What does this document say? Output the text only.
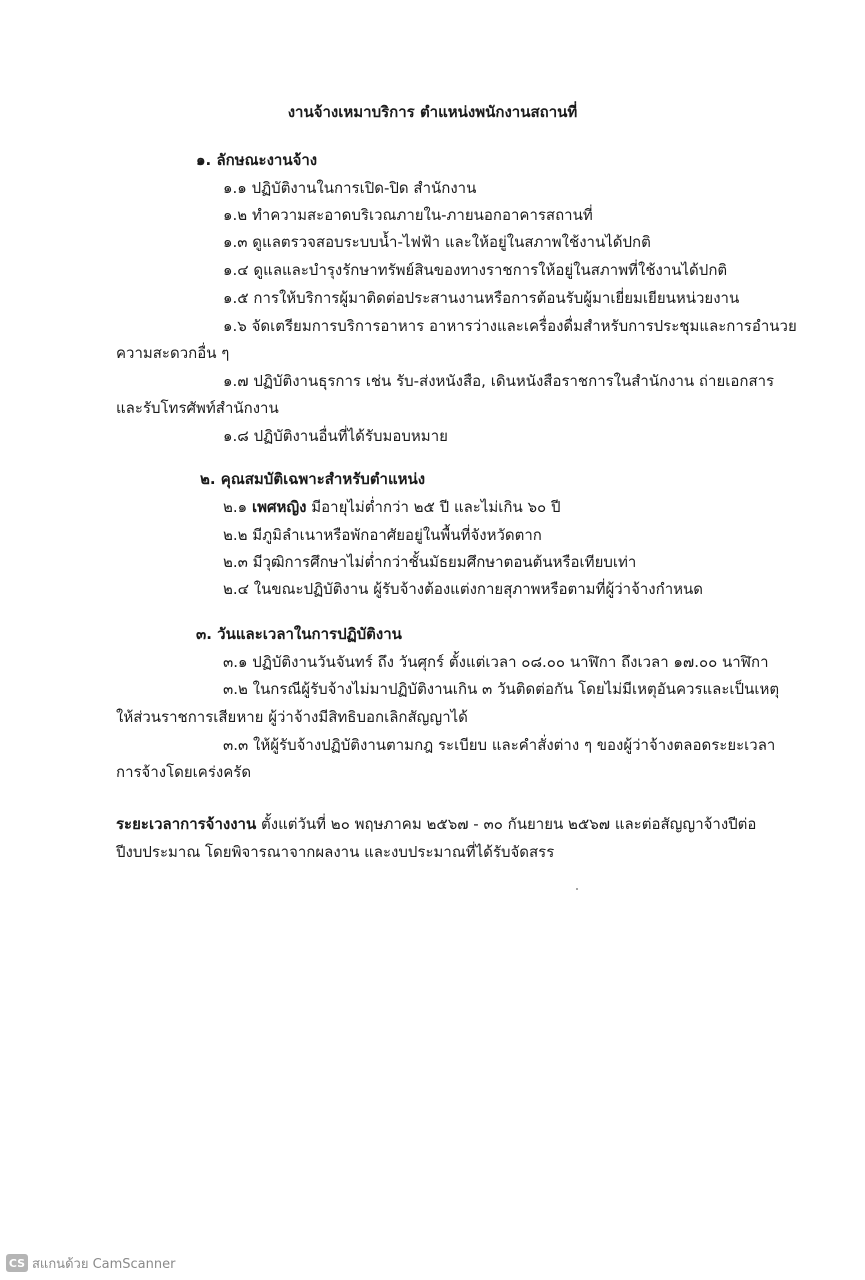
งานจ้างเหมาบริการ ตำแหน่งพนักงานสถานที่
๑. ลักษณะงานจ้าง
๑.๑ ปฏิบัติงานในการเปิด-ปิด สำนักงาน
๑.๒ ทำความสะอาดบริเวณภายใน-ภายนอกอาคารสถานที่
๑.๓ ดูแลตรวจสอบระบบน้ำ-ไฟฟ้า และให้อยู่ในสภาพใช้งานได้ปกติ
๑.๔ ดูแลและบำรุงรักษาทรัพย์สินของทางราชการให้อยู่ในสภาพที่ใช้งานได้ปกติ
๑.๕ การให้บริการผู้มาติดต่อประสานงานหรือการต้อนรับผู้มาเยี่ยมเยียนหน่วยงาน
๑.๖ จัดเตรียมการบริการอาหาร อาหารว่างและเครื่องดื่มสำหรับการประชุมและการอำนวย
ความสะดวกอื่น ๆ
๑.๗ ปฏิบัติงานธุรการ เช่น รับ-ส่งหนังสือ, เดินหนังสือราชการในสำนักงาน ถ่ายเอกสาร
และรับโทรศัพท์สำนักงาน
๑.๘ ปฏิบัติงานอื่นที่ได้รับมอบหมาย
๒. คุณสมบัติเฉพาะสำหรับตำแหน่ง
๒.๑ เพศหญิง มีอายุไม่ต่ำกว่า ๒๕ ปี และไม่เกิน ๖๐ ปี
๒.๒ มีภูมิลำเนาหรือพักอาศัยอยู่ในพื้นที่จังหวัดตาก
๒.๓ มีวุฒิการศึกษาไม่ต่ำกว่าชั้นมัธยมศึกษาตอนต้นหรือเทียบเท่า
๒.๔ ในขณะปฏิบัติงาน ผู้รับจ้างต้องแต่งกายสุภาพหรือตามที่ผู้ว่าจ้างกำหนด
๓. วันและเวลาในการปฏิบัติงาน
๓.๑ ปฏิบัติงานวันจันทร์ ถึง วันศุกร์ ตั้งแต่เวลา ๐๘.๐๐ นาฬิกา ถึงเวลา ๑๗.๐๐ นาฬิกา
๓.๒ ในกรณีผู้รับจ้างไม่มาปฏิบัติงานเกิน ๓ วันติดต่อกัน โดยไม่มีเหตุอันควรและเป็นเหตุ
ให้ส่วนราชการเสียหาย ผู้ว่าจ้างมีสิทธิบอกเลิกสัญญาได้
๓.๓ ให้ผู้รับจ้างปฏิบัติงานตามกฎ ระเบียบ และคำสั่งต่าง ๆ ของผู้ว่าจ้างตลอดระยะเวลา
การจ้างโดยเคร่งครัด
ระยะเวลาการจ้างงาน ตั้งแต่วันที่ ๒๐ พฤษภาคม ๒๕๖๗ - ๓๐ กันยายน ๒๕๖๗ และต่อสัญญาจ้างปีต่อ
ปีงบประมาณ โดยพิจารณาจากผลงาน และงบประมาณที่ได้รับจัดสรร
CS สแกนด้วย CamScanner
